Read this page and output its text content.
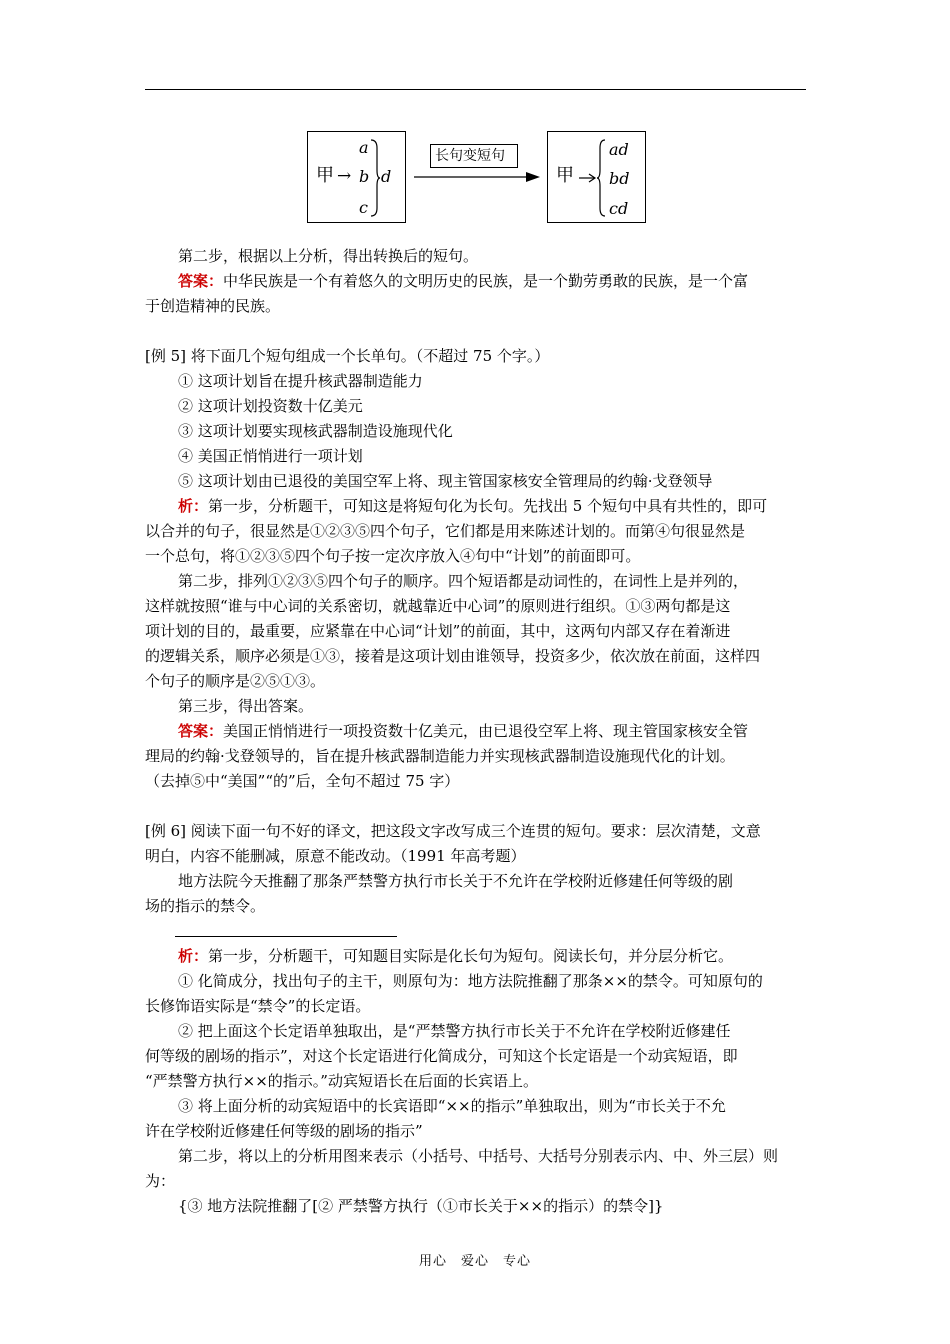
甲 →
a
b
c
d
长句变短句
甲
ad
bd
cd
第二步，根据以上分析，得出转换后的短句。
答案：中华民族是一个有着悠久的文明历史的民族，是一个勤劳勇敢的民族，是一个富
于创造精神的民族。
[例 5] 将下面几个短句组成一个长单句。（不超过 75 个字。）
① 这项计划旨在提升核武器制造能力
② 这项计划投资数十亿美元
③ 这项计划要实现核武器制造设施现代化
④ 美国正悄悄进行一项计划
⑤ 这项计划由已退役的美国空军上将、现主管国家核安全管理局的约翰·戈登领导
析：第一步，分析题干，可知这是将短句化为长句。先找出 5 个短句中具有共性的，即可
以合并的句子，很显然是①②③⑤四个句子，它们都是用来陈述计划的。而第④句很显然是
一个总句，将①②③⑤四个句子按一定次序放入④句中“计划”的前面即可。
第二步，排列①②③⑤四个句子的顺序。四个短语都是动词性的，在词性上是并列的，
这样就按照“谁与中心词的关系密切，就越靠近中心词”的原则进行组织。①③两句都是这
项计划的目的，最重要，应紧靠在中心词“计划”的前面，其中，这两句内部又存在着渐进
的逻辑关系，顺序必须是①③，接着是这项计划由谁领导，投资多少，依次放在前面，这样四
个句子的顺序是②⑤①③。
第三步，得出答案。
答案：美国正悄悄进行一项投资数十亿美元，由已退役空军上将、现主管国家核安全管
理局的约翰·戈登领导的，旨在提升核武器制造能力并实现核武器制造设施现代化的计划。
（去掉⑤中“美国”“的”后，全句不超过 75 字）
[例 6] 阅读下面一句不好的译文，把这段文字改写成三个连贯的短句。要求：层次清楚，文意
明白，内容不能删减，原意不能改动。（1991 年高考题）
地方法院今天推翻了那条严禁警方执行市长关于不允许在学校附近修建任何等级的剧
场的指示的禁令。
析：第一步，分析题干，可知题目实际是化长句为短句。阅读长句，并分层分析它。
① 化简成分，找出句子的主干，则原句为：地方法院推翻了那条××的禁令。可知原句的
长修饰语实际是“禁令”的长定语。
② 把上面这个长定语单独取出，是“严禁警方执行市长关于不允许在学校附近修建任
何等级的剧场的指示”，对这个长定语进行化简成分，可知这个长定语是一个动宾短语，即
“严禁警方执行××的指示。”动宾短语长在后面的长宾语上。
③ 将上面分析的动宾短语中的长宾语即“××的指示”单独取出，则为“市长关于不允
许在学校附近修建任何等级的剧场的指示”
第二步，将以上的分析用图来表示（小括号、中括号、大括号分别表示内、中、外三层）则
为：
{③ 地方法院推翻了[② 严禁警方执行（①市长关于××的指示）的禁令]}
用心　爱心　专心
